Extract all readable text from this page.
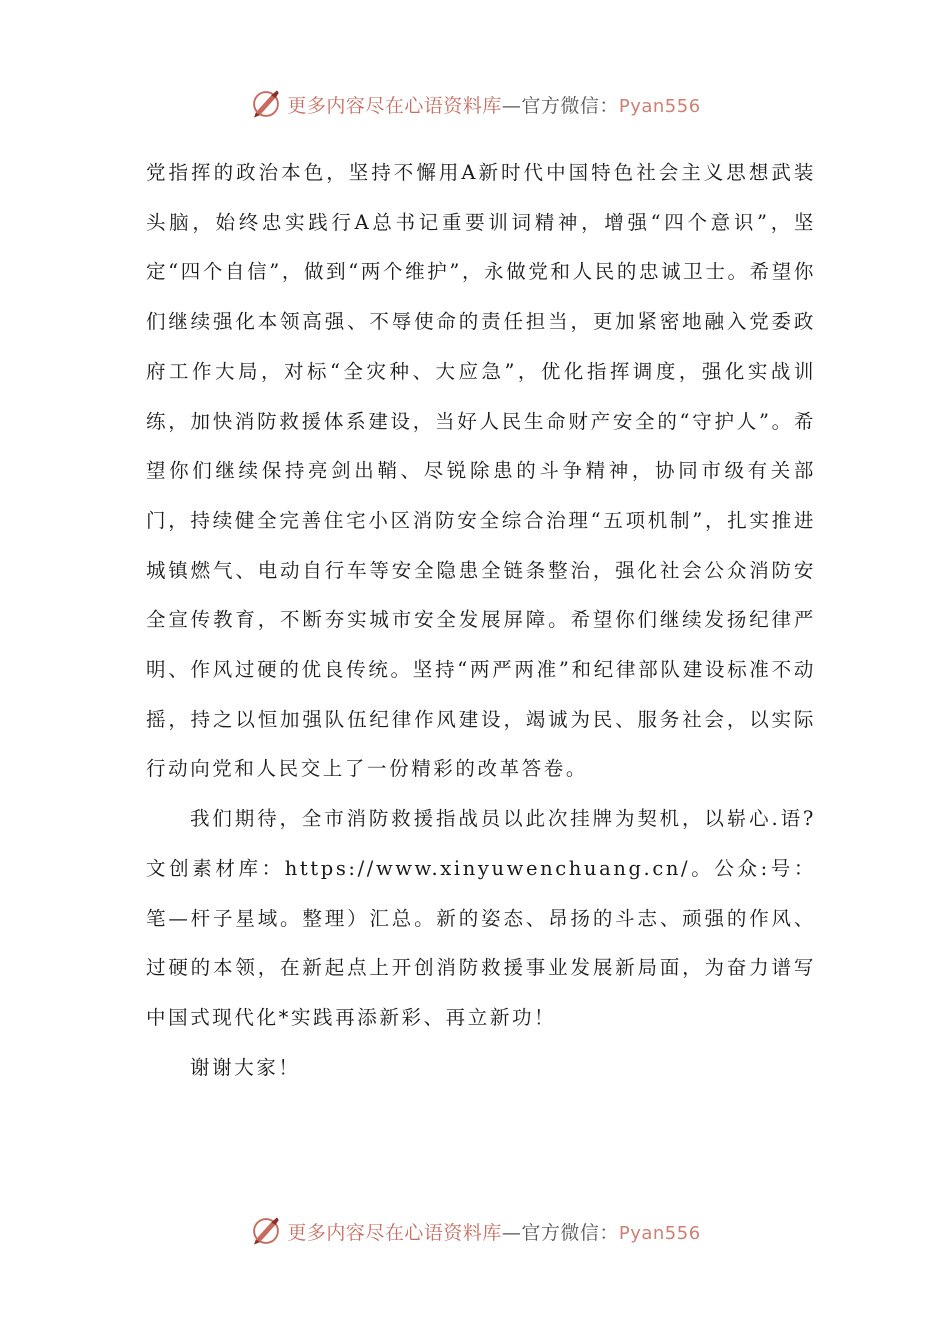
更多内容尽在心语资料库—官方微信：Pyan556

党指挥的政治本色，坚持不懈用A新时代中国特色社会主义思想武装头脑，始终忠实践行A总书记重要训词精神，增强“四个意识”，坚定“四个自信”，做到“两个维护”，永做党和人民的忠诚卫士。希望你们继续强化本领高强、不辱使命的责任担当，更加紧密地融入党委政府工作大局，对标“全灾种、大应急”，优化指挥调度，强化实战训练，加快消防救援体系建设，当好人民生命财产安全的“守护人”。希望你们继续保持亮剑出鞘、尽锐除患的斗争精神，协同市级有关部门，持续健全完善住宅小区消防安全综合治理“五项机制”，扎实推进城镇燃气、电动自行车等安全隐患全链条整治，强化社会公众消防安全宣传教育，不断夯实城市安全发展屏障。希望你们继续发扬纪律严明、作风过硬的优良传统。坚持“两严两准”和纪律部队建设标准不动摇，持之以恒加强队伍纪律作风建设，竭诚为民、服务社会，以实际行动向党和人民交上了一份精彩的改革答卷。

我们期待，全市消防救援指战员以此次挂牌为契机，以崭心.语?文创素材库：https://www.xinyuwenchuang.cn/。公众:号：笔—杆子星域。整理）汇总。新的姿态、昂扬的斗志、顽强的作风、过硬的本领，在新起点上开创消防救援事业发展新局面，为奋力谱写中国式现代化*实践再添新彩、再立新功！

谢谢大家！

更多内容尽在心语资料库—官方微信：Pyan556
